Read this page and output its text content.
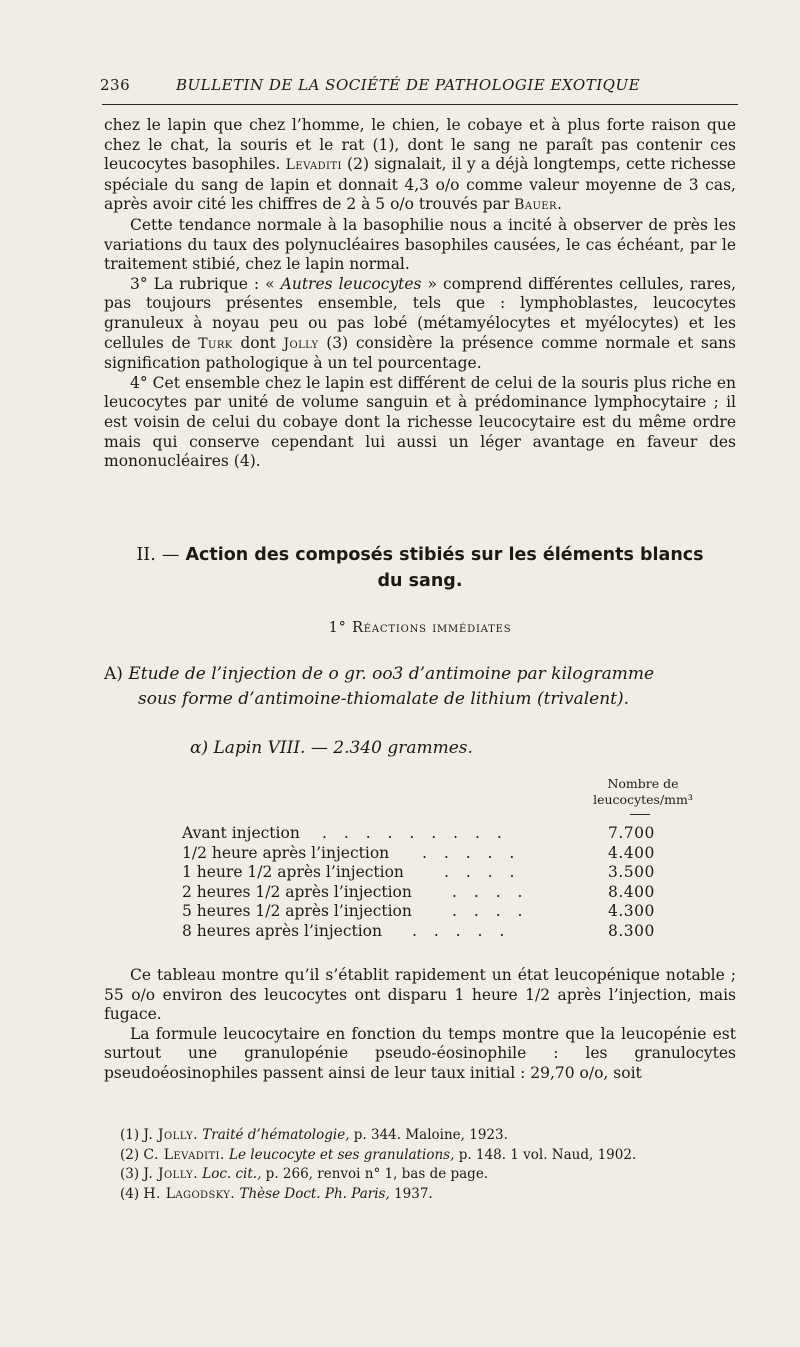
236	BULLETIN DE LA SOCIÉTÉ DE PATHOLOGIE EXOTIQUE

chez le lapin que chez l’homme, le chien, le cobaye et à plus forte raison que chez le chat, la souris et le rat (1), dont le sang ne paraît pas contenir ces leucocytes basophiles. Levaditi (2) signalait, il y a déjà longtemps, cette richesse spéciale du sang de lapin et donnait 4,3 o/o comme valeur moyenne de 3 cas, après avoir cité les chiffres de 2 à 5 o/o trouvés par Bauer.

Cette tendance normale à la basophilie nous a incité à observer de près les variations du taux des polynucléaires basophiles causées, le cas échéant, par le traitement stibié, chez le lapin normal.

3° La rubrique : « Autres leucocytes » comprend différentes cellules, rares, pas toujours présentes ensemble, tels que : lymphoblastes, leucocytes granuleux à noyau peu ou pas lobé (métamyélocytes et myélocytes) et les cellules de Turk dont Jolly (3) considère la présence comme normale et sans signification pathologique à un tel pourcentage.

4° Cet ensemble chez le lapin est différent de celui de la souris plus riche en leucocytes par unité de volume sanguin et à prédominance lymphocytaire ; il est voisin de celui du cobaye dont la richesse leucocytaire est du même ordre mais qui conserve cependant lui aussi un léger avantage en faveur des mononucléaires (4).

II. — Action des composés stibiés sur les éléments blancs
du sang.
1° Réactions immédiates
A) Etude de l’injection de o gr. oo3 d’antimoine par kilogramme
sous forme d’antimoine-thiomalate de lithium (trivalent).
α) Lapin VIII. — 2.340 grammes.
Nombre de
leucocytes/mm³
Avant injection . . . . . . . . .	7.700
1/2 heure après l’injection . . . . .	4.400
1 heure 1/2 après l’injection	. . . .	3.500
2 heures 1/2 après l’injection	. . . .	8.400
5 heures 1/2 après l’injection	. . . .	4.300
8 heures après l’injection . . . . .	8.300

Ce tableau montre qu’il s’établit rapidement un état leucopénique notable ; 55 o/o environ des leucocytes ont disparu 1 heure 1/2 après l’injection, mais fugace.

La formule leucocytaire en fonction du temps montre que la leucopénie est surtout une granulopénie pseudo-éosinophile : les granulocytes pseudoéosinophiles passent ainsi de leur taux initial : 29,70 o/o, soit

(1) J. Jolly. Traité d’hématologie, p. 344. Maloine, 1923.
(2) C. Levaditi. Le leucocyte et ses granulations, p. 148. 1 vol. Naud, 1902.
(3) J. Jolly. Loc. cit., p. 266, renvoi n° 1, bas de page.
(4) H. Lagodsky. Thèse Doct. Ph. Paris, 1937.
